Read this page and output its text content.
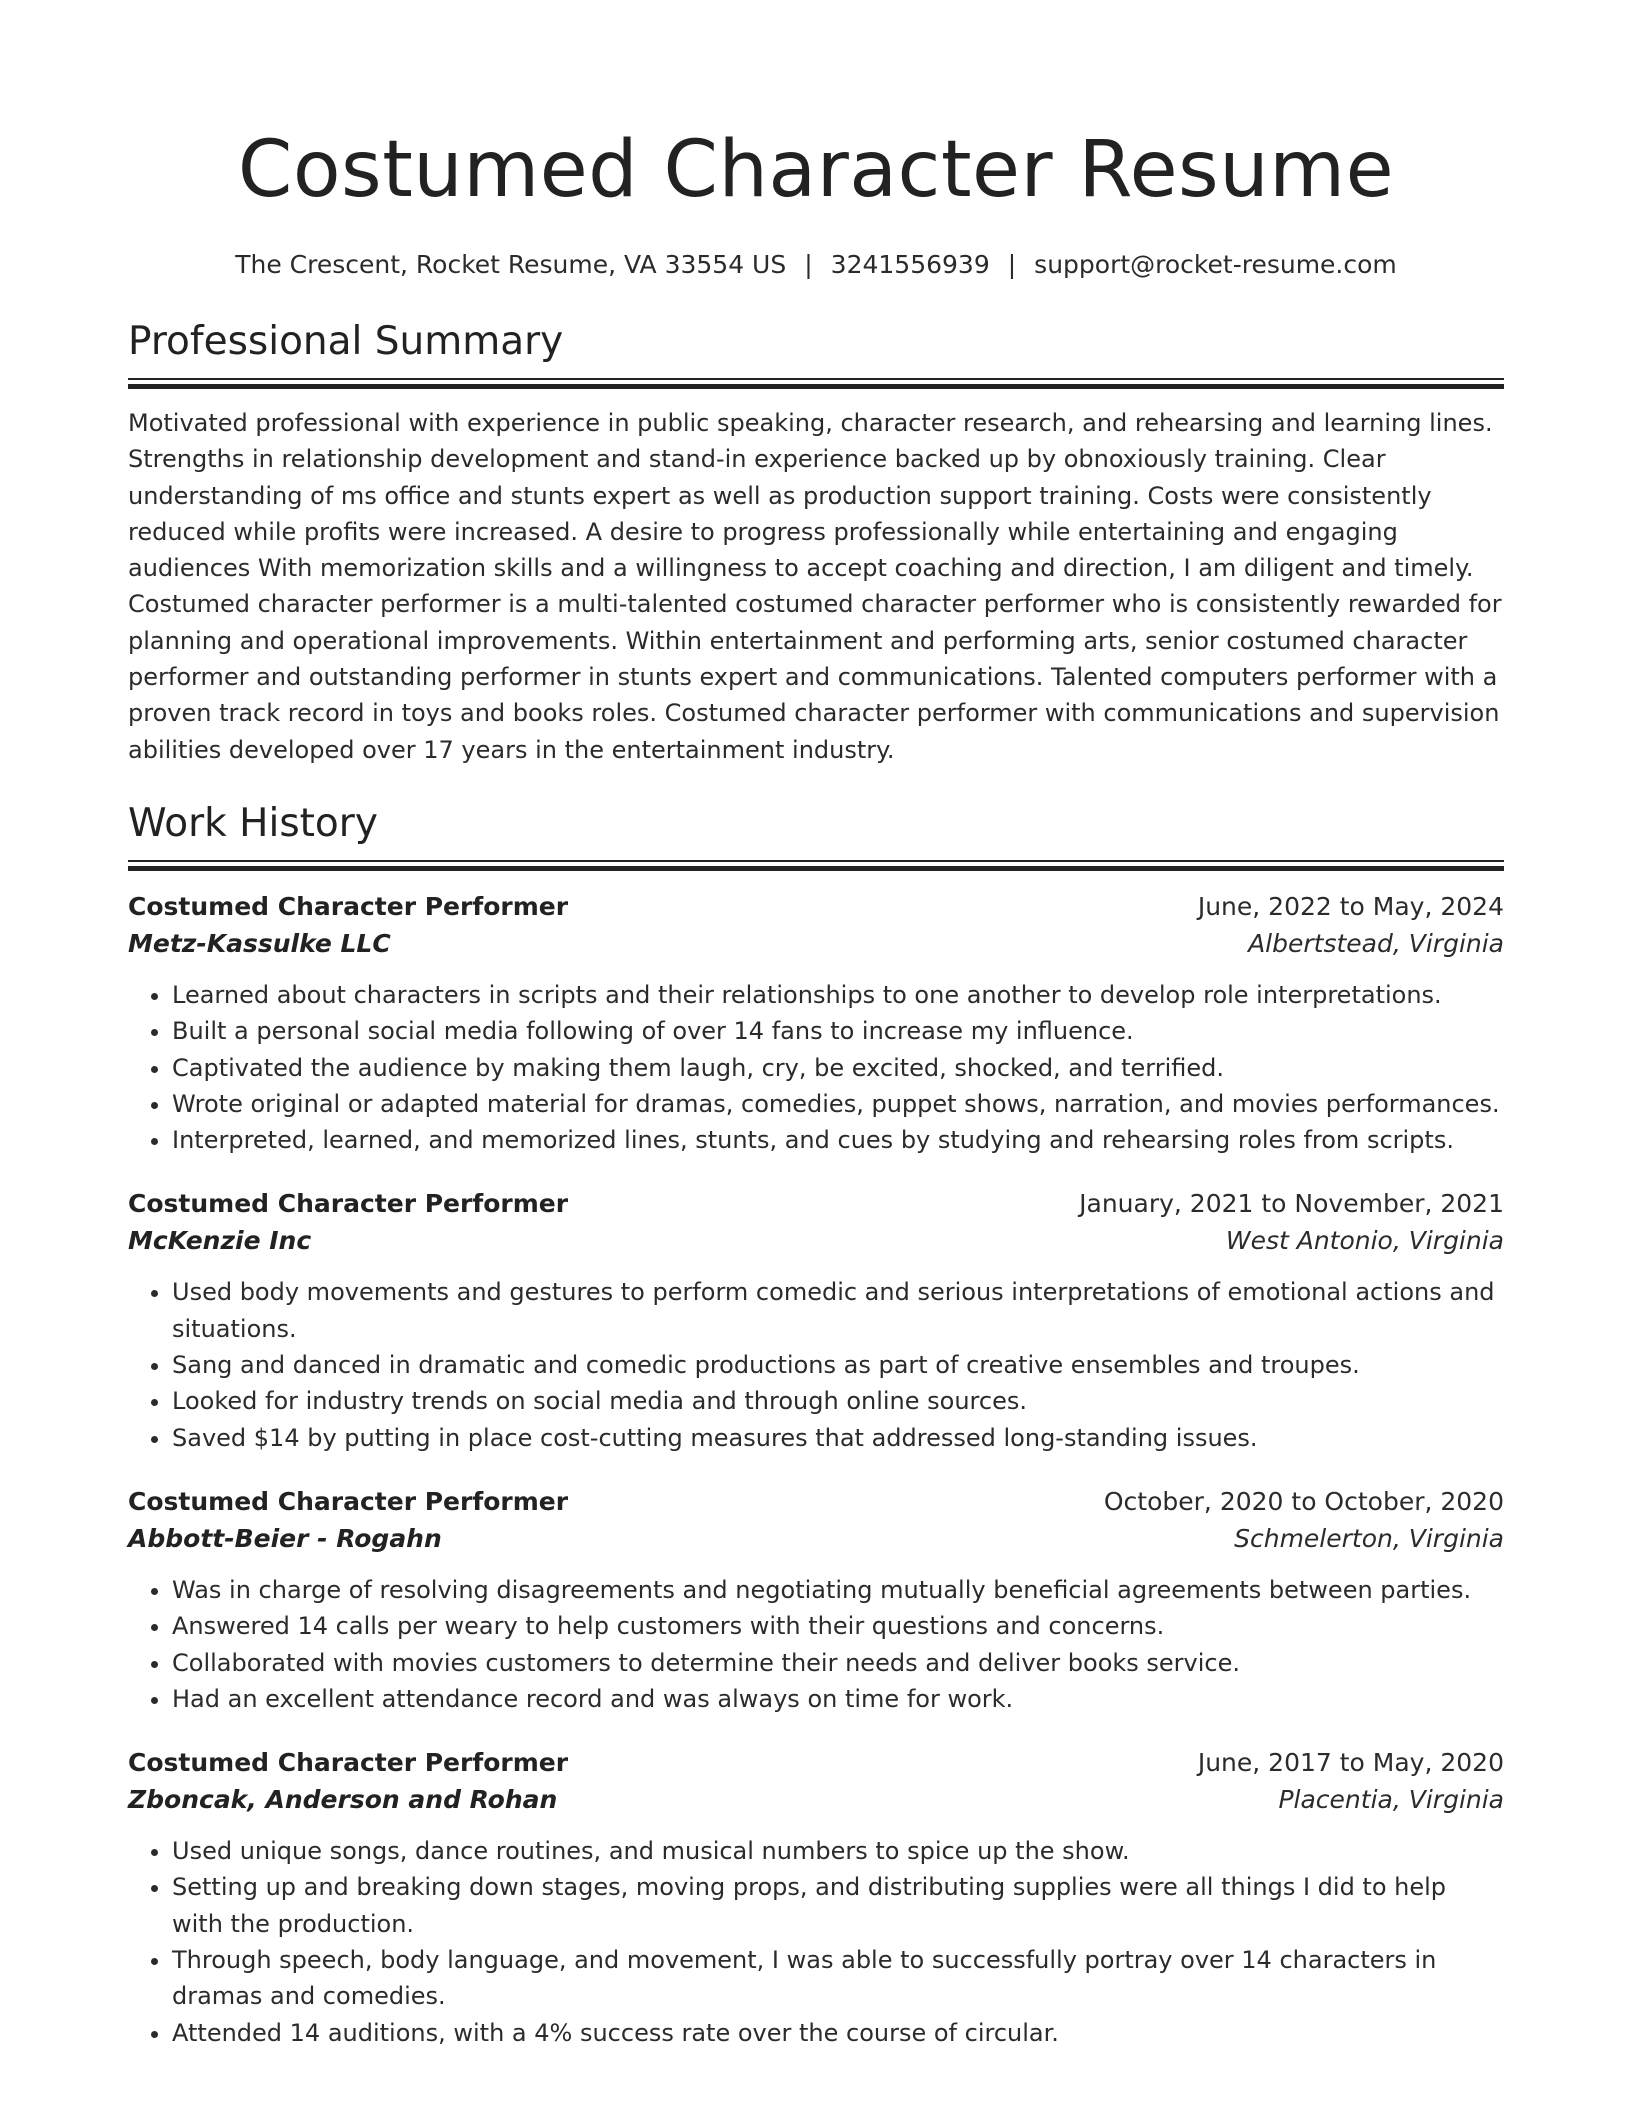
Costumed Character Resume
The Crescent, Rocket Resume, VA 33554 US | 3241556939 | support@rocket-resume.com
Professional Summary

Motivated professional with experience in public speaking, character research, and rehearsing and learning lines. Strengths in relationship development and stand-in experience backed up by obnoxiously training. Clear understanding of ms office and stunts expert as well as production support training. Costs were consistently reduced while profits were increased. A desire to progress professionally while entertaining and engaging audiences With memorization skills and a willingness to accept coaching and direction, I am diligent and timely. Costumed character performer is a multi-talented costumed character performer who is consistently rewarded for planning and operational improvements. Within entertainment and performing arts, senior costumed character performer and outstanding performer in stunts expert and communications. Talented computers performer with a proven track record in toys and books roles. Costumed character performer with communications and supervision abilities developed over 17 years in the entertainment industry.

Work History
Costumed Character Performer	June, 2022 to May, 2024
Metz-Kassulke LLC	Albertstead, Virginia
• Learned about characters in scripts and their relationships to one another to develop role interpretations.
• Built a personal social media following of over 14 fans to increase my influence.
• Captivated the audience by making them laugh, cry, be excited, shocked, and terrified.
• Wrote original or adapted material for dramas, comedies, puppet shows, narration, and movies performances.
• Interpreted, learned, and memorized lines, stunts, and cues by studying and rehearsing roles from scripts.
Costumed Character Performer	January, 2021 to November, 2021
McKenzie Inc	West Antonio, Virginia
• Used body movements and gestures to perform comedic and serious interpretations of emotional actions and situations.
• Sang and danced in dramatic and comedic productions as part of creative ensembles and troupes.
• Looked for industry trends on social media and through online sources.
• Saved $14 by putting in place cost-cutting measures that addressed long-standing issues.
Costumed Character Performer	October, 2020 to October, 2020
Abbott-Beier - Rogahn	Schmelerton, Virginia
• Was in charge of resolving disagreements and negotiating mutually beneficial agreements between parties.
• Answered 14 calls per weary to help customers with their questions and concerns.
• Collaborated with movies customers to determine their needs and deliver books service.
• Had an excellent attendance record and was always on time for work.
Costumed Character Performer	June, 2017 to May, 2020
Zboncak, Anderson and Rohan	Placentia, Virginia
• Used unique songs, dance routines, and musical numbers to spice up the show.
• Setting up and breaking down stages, moving props, and distributing supplies were all things I did to help with the production.
• Through speech, body language, and movement, I was able to successfully portray over 14 characters in dramas and comedies.
• Attended 14 auditions, with a 4% success rate over the course of circular.
